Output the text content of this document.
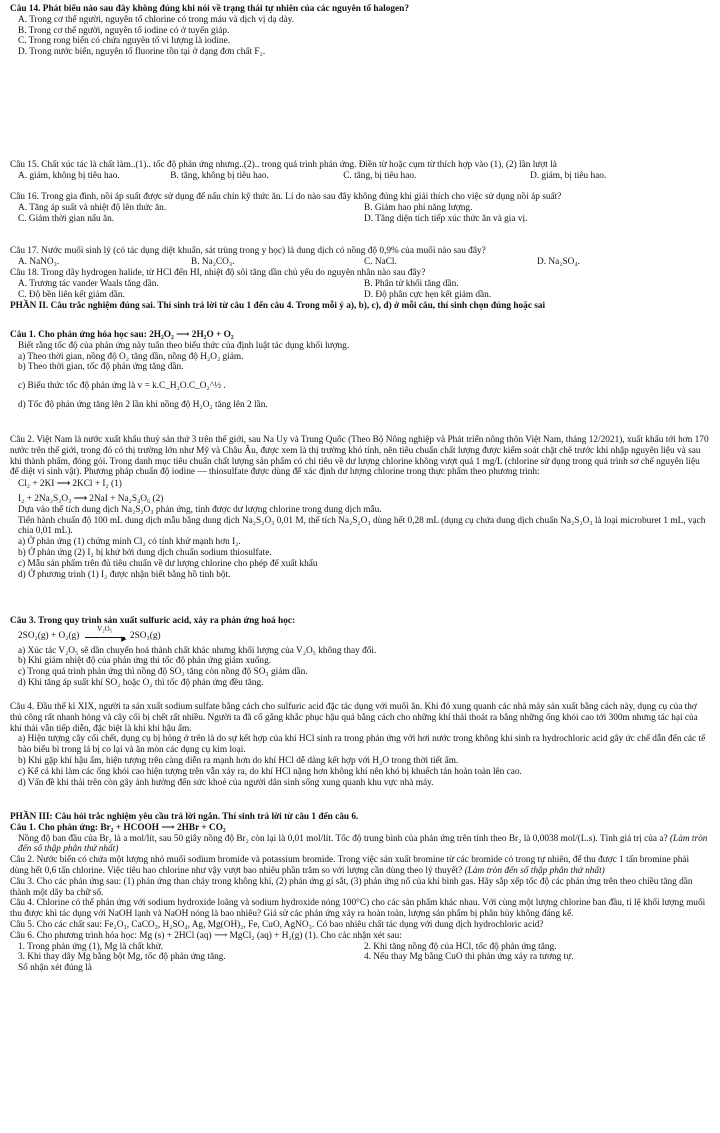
Câu 14. Phát biểu nào sau đây không đúng khi nói về trạng thái tự nhiên của các nguyên tố halogen?

A. Trong cơ thể người, nguyên tố chlorine có trong máu và dịch vị dạ dày.

B. Trong cơ thể người, nguyên tố iodine có ở tuyến giáp.

C. Trong rong biển có chứa nguyên tố vi lượng là iodine.

D. Trong nước biển, nguyên tố fluorine tồn tại ở dạng đơn chất F₂.

Câu 15. Chất xúc tác là chất làm..(1).. tốc độ phản ứng nhưng..(2).. trong quá trình phản ứng. Điền từ hoặc cụm từ thích hợp vào (1), (2) lần lượt là

A. giảm, không bị tiêu hao.	B. tăng, không bị tiêu hao.	C. tăng, bị tiêu hao.	D. giảm, bị tiêu hao.

Câu 16. Trong gia đình, nồi áp suất được sử dụng để nấu chín kỹ thức ăn. Lí do nào sau đây không đúng khi giải thích cho việc sử dụng nồi áp suất?

A. Tăng áp suất và nhiệt độ lên thức ăn.	B. Giảm hao phí năng lượng.
C. Giảm thời gian nấu ăn.	D. Tăng diện tích tiếp xúc thức ăn và gia vị.

Câu 17. Nước muối sinh lý (có tác dụng diệt khuẩn, sát trùng trong y học) là dung dịch có nồng độ 0,9% của muối nào sau đây?

A. NaNO₃.	B. Na₂CO₃.	C. NaCl.	D. Na₂SO₄.

Câu 18. Trong dãy hydrogen halide, từ HCl đến HI, nhiệt độ sôi tăng dần chủ yếu do nguyên nhân nào sau đây?

A. Trương tác vander Waals tăng dần.	B. Phân tử khối tăng dần.
C. Độ bền liên kết giảm dần.	D. Độ phân cực hẹn kết giảm dần.

PHẦN II. Câu trắc nghiệm đúng sai. Thí sinh trả lời từ câu 1 đến câu 4. Trong mỗi ý a), b), c), d) ở mỗi câu, thí sinh chọn đúng hoặc sai

Câu 1. Cho phản ứng hóa học sau: 2H₂O₂ ⟶ 2H₂O + O₂

Biết rằng tốc độ của phản ứng này tuân theo biểu thức của định luật tác dụng khối lượng.

a) Theo thời gian, nồng độ O₂ tăng dần, nồng độ H₂O₂ giảm.

b) Theo thời gian, tốc độ phản ứng tăng dần.

c) Biểu thức tốc độ phản ứng là v = k.C_H₂O.C_O₂^½ .

d) Tốc độ phản ứng tăng lên 2 lần khi nồng độ H₂O₂ tăng lên 2 lần.

Câu 2. Việt Nam là nước xuất khẩu thuỷ sản thứ 3 trên thế giới, sau Na Uy và Trung Quốc (Theo Bộ Nông nghiệp và Phát triển nông thôn Việt Nam, tháng 12/2021), xuất khẩu tới hơn 170 nước trên thế giới, trong đó có thị trường lớn như Mỹ và Châu Âu, được xem là thị trường khó tính, nên tiêu chuẩn chất lượng được kiểm soát chặt chẽ trước khi nhập nguyên liệu và sau khi thành phẩm, đóng gói. Trong danh mục tiêu chuẩn chất lượng sản phẩm có chỉ tiêu về dư lượng chlorine không vượt quá 1 mg/L (chlorine sử dụng trong quá trình sơ chế nguyên liệu để diệt vi sinh vật). Phương pháp chuẩn độ iodine — thiosulfate được dùng để xác định dư lượng chlorine trong thực phẩm theo phương trình:

Cl₂ + 2KI ⟶ 2KCl + I₂ (1)

I₂ + 2Na₂S₂O₃ ⟶ 2NaI + Na₂S₄O₆ (2)

Dựa vào thể tích dung dịch Na₂S₂O₃ phản ứng, tính được dư lượng chlorine trong dung dịch mẫu.

Tiến hành chuẩn độ 100 mL dung dịch mẫu bằng dung dịch Na₂S₂O₃ 0,01 M, thể tích Na₂S₂O₃ dùng hết 0,28 mL (dụng cụ chứa dung dịch chuẩn Na₂S₂O₃ là loại microburet 1 mL, vạch chia 0,01 mL).

a) Ở phản ứng (1) chứng minh Cl₂ có tính khử mạnh hơn I₂.

b) Ở phản ứng (2) I₂ bị khử bởi dung dịch chuẩn sodium thiosulfate.

c) Mẫu sản phẩm trên đủ tiêu chuẩn về dư lượng chlorine cho phép để xuất khẩu

d) Ở phương trình (1) I₂ được nhận biết bằng hồ tinh bột.

Câu 3. Trong quy trình sản xuất sulfuric acid, xảy ra phản ứng hoá học:

2SO₂(g) + O₂(g)
V₂O₅
▶ 2SO₃(g)

a) Xúc tác V₂O₅ sẽ dần chuyển hoá thành chất khác nhưng khối lượng của V₂O₅ không thay đổi.

b) Khi giảm nhiệt độ của phản ứng thì tốc độ phản ứng giảm xuống.

c) Trong quá trình phản ứng thì nồng độ SO₂ tăng còn nồng độ SO₃ giảm dần.

d) Khi tăng áp suất khí SO₂ hoặc O₂ thì tốc độ phản ứng đều tăng.

Câu 4. Đầu thế kỉ XIX, người ta sản xuất sodium sulfate bằng cách cho sulfuric acid đặc tác dụng với muối ăn. Khi đó xung quanh các nhà máy sản xuất bằng cách này, dụng cụ của thợ thủ công rất nhanh hỏng và cây cối bị chết rất nhiều. Người ta đã cố gắng khắc phục hậu quả bằng cách cho những khí thải thoát ra bằng những ống khói cao tới 300m nhưng tác hại của khí thải vẫn tiếp diễn, đặc biệt là khi khí hậu ẩm.

a) Hiện tượng cây cối chết, dụng cụ bị hỏng ở trên là do sự kết hợp của khí HCl sinh ra trong phản ứng với hơi nước trong không khí sinh ra hydrochloric acid gây ức chế dẫn đến các tế bào biểu bì trong lá bị co lại và ăn mòn các dụng cụ kim loại.

b) Khi gặp khí hậu ẩm, hiện tượng trên càng diễn ra mạnh hơn do khí HCl dễ dàng kết hợp với H₂O trong thời tiết ẩm.

c) Kể cả khi làm các ống khói cao hiện tượng trên vẫn xảy ra, do khí HCl nặng hơn không khí nên khó bị khuếch tán hoàn toàn lên cao.

d) Vấn đề khí thải trên còn gây ảnh hưởng đến sức khoẻ của người dân sinh sống xung quanh khu vực nhà máy.

PHẦN III: Câu hỏi trắc nghiệm yêu cầu trả lời ngắn. Thí sinh trả lời từ câu 1 đến câu 6.

Câu 1. Cho phản ứng: Br₂ + HCOOH ⟶ 2HBr + CO₂

Nồng độ ban đầu của Br₂ là a mol/lít, sau 50 giây nồng độ Br₂ còn lại là 0,01 mol/lít. Tốc độ trung bình của phản ứng trên tính theo Br₂ là 0,0038 mol/(L.s). Tính giá trị của a? (Làm tròn đến số thập phân thứ nhất)

Câu 2. Nước biển có chứa một lượng nhỏ muối sodium bromide và potassium bromide. Trong việc sản xuất bromine từ các bromide có trong tự nhiên, để thu được 1 tấn bromine phải dùng hết 0,6 tấn chlorine. Việc tiêu hao chlorine như vậy vượt bao nhiêu phần trăm so với lượng cần dùng theo lý thuyết? (Làm tròn đến số thập phân thứ nhất)

Câu 3. Cho các phản ứng sau: (1) phản ứng than cháy trong không khí, (2) phản ứng gỉ sắt, (3) phản ứng nổ của khí bình gas. Hãy sắp xếp tốc độ các phản ứng trên theo chiều tăng dần thành một dãy ba chữ số.

Câu 4. Chlorine có thể phản ứng với sodium hydroxide loãng và sodium hydroxide nóng 100°C) cho các sản phẩm khác nhau. Với cùng một lượng chlorine ban đầu, tỉ lệ khối lượng muối thu được khi tác dụng với NaOH lạnh và NaOH nóng là bao nhiêu? Giả sử các phản ứng xảy ra hoàn toàn, lượng sản phẩm bị phân hủy không đáng kể.

Câu 5. Cho các chất sau: Fe₂O₃, CaCO₃, H₂SO₄, Ag, Mg(OH)₂, Fe, CuO, AgNO₃. Có bao nhiêu chất tác dụng với dung dịch hydrochloric acid?

Câu 6. Cho phương trình hóa học: Mg (s) + 2HCl (aq) ⟶ MgCl₂ (aq) + H₂(g) (1). Cho các nhận xét sau:

1. Trong phản ứng (1), Mg là chất khử.	2. Khi tăng nồng độ của HCl, tốc độ phản ứng tăng.
3. Khi thay dây Mg bằng bột Mg, tốc độ phản ứng tăng.	4. Nếu thay Mg bằng CuO thì phản ứng xảy ra tương tự.

Số nhận xét đúng là
